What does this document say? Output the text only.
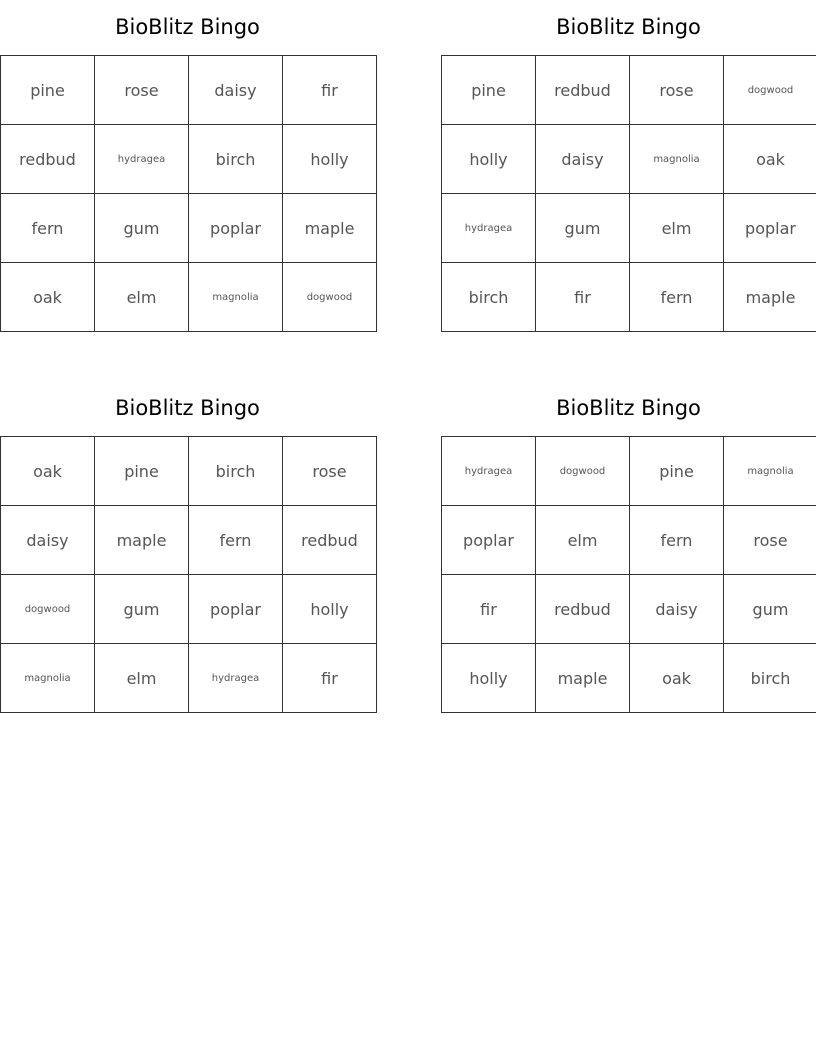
BioBlitz Bingo
pine	rose	daisy	fir
redbud	hydragea	birch	holly
fern	gum	poplar	maple
oak	elm	magnolia	dogwood
BioBlitz Bingo
pine	redbud	rose	dogwood
holly	daisy	magnolia	oak
hydragea	gum	elm	poplar
birch	fir	fern	maple
BioBlitz Bingo
oak	pine	birch	rose
daisy	maple	fern	redbud
dogwood	gum	poplar	holly
magnolia	elm	hydragea	fir
BioBlitz Bingo
hydragea	dogwood	pine	magnolia
poplar	elm	fern	rose
fir	redbud	daisy	gum
holly	maple	oak	birch
